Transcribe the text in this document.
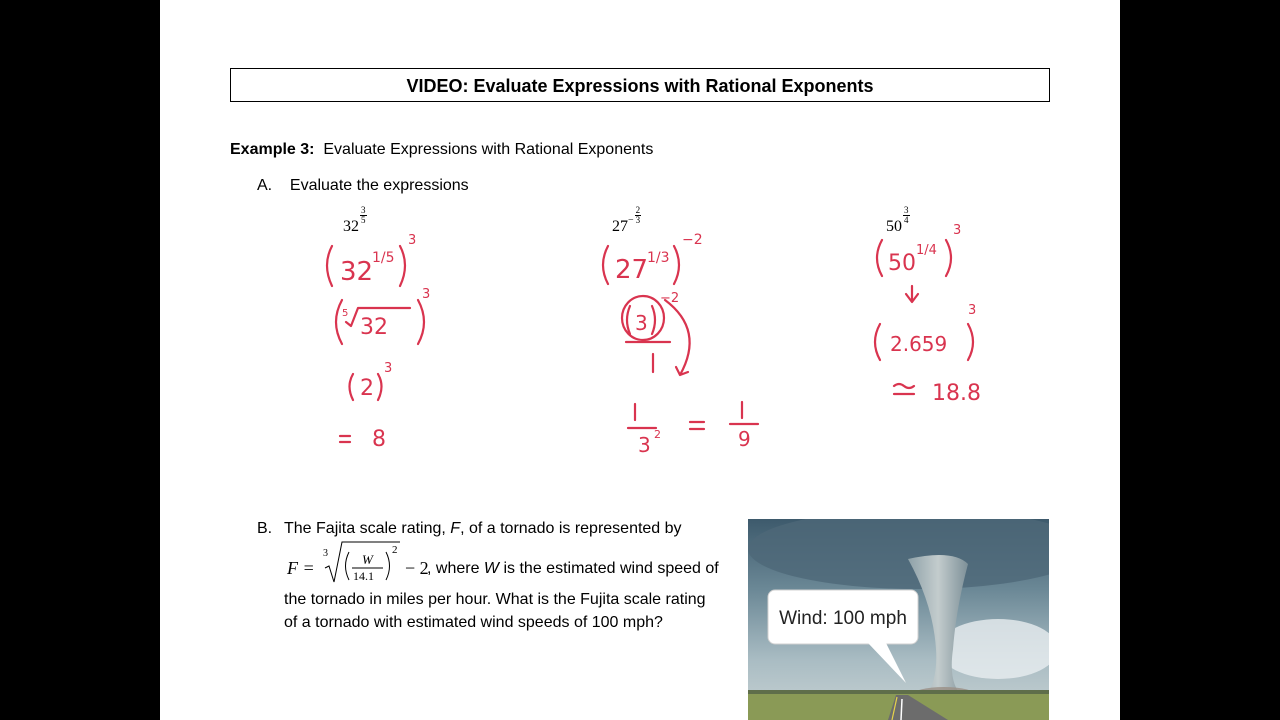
VIDEO: Evaluate Expressions with Rational Exponents
Example 3: Evaluate Expressions with Rational Exponents
A. Evaluate the expressions
32
$\frac{3}{5}$
$27^- \frac{2}{3}$
50
$\frac{3}{4}$
32
1/5
3
5
32
3
2
3
8
27
1/3
−2
3
−2
3 2	9
50
1/4
3
2.659
3
18.8
B. The Fajita scale rating, F, of a tornado is represented by
F =
3	W
14.1
2
− 2
, where W is the estimated wind speed of
the tornado in miles per hour. What is the Fujita scale rating
of a tornado with estimated wind speeds of 100 mph?	Wind: 100 mph
